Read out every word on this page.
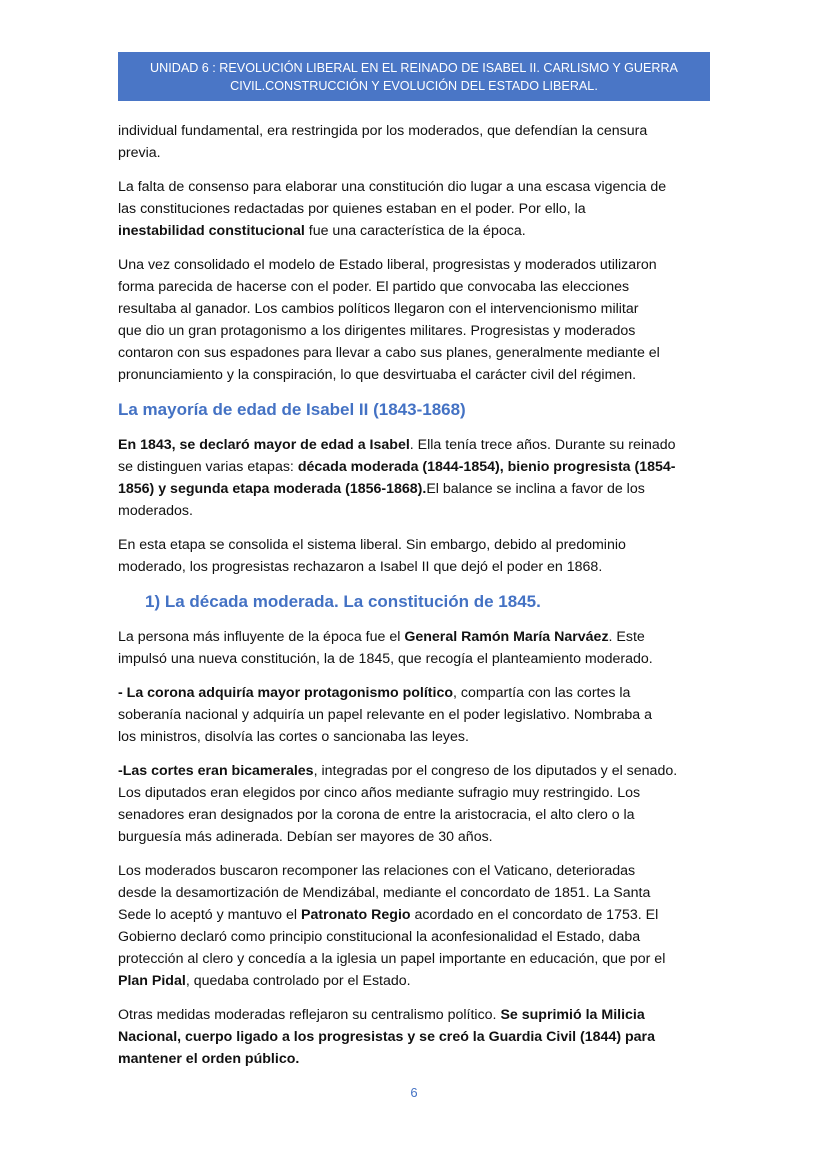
UNIDAD 6 : REVOLUCIÓN LIBERAL EN EL REINADO DE ISABEL II. CARLISMO Y GUERRA
CIVIL.CONSTRUCCIÓN Y EVOLUCIÓN DEL ESTADO LIBERAL.
individual fundamental, era restringida por los moderados, que defendían la censura
previa.
La falta de consenso para elaborar una constitución dio lugar a una escasa vigencia de
las constituciones redactadas por quienes estaban en el poder. Por ello, la
inestabilidad constitucional fue una característica de la época.
Una vez consolidado el modelo de Estado liberal, progresistas y moderados utilizaron
forma parecida de hacerse con el poder. El partido que convocaba las elecciones
resultaba al ganador. Los cambios políticos llegaron con el intervencionismo militar
que dio un gran protagonismo a los dirigentes militares. Progresistas y moderados
contaron con sus espadones para llevar a cabo sus planes, generalmente mediante el
pronunciamiento y la conspiración, lo que desvirtuaba el carácter civil del régimen.
La mayoría de edad de Isabel II (1843-1868)
En 1843, se declaró mayor de edad a Isabel. Ella tenía trece años. Durante su reinado
se distinguen varias etapas: década moderada (1844-1854), bienio progresista (1854-
1856) y segunda etapa moderada (1856-1868).El balance se inclina a favor de los
moderados.
En esta etapa se consolida el sistema liberal. Sin embargo, debido al predominio
moderado, los progresistas rechazaron a Isabel II que dejó el poder en 1868.
1) La década moderada. La constitución de 1845.
La persona más influyente de la época fue el General Ramón María Narváez. Este
impulsó una nueva constitución, la de 1845, que recogía el planteamiento moderado.
- La corona adquiría mayor protagonismo político, compartía con las cortes la
soberanía nacional y adquiría un papel relevante en el poder legislativo. Nombraba a
los ministros, disolvía las cortes o sancionaba las leyes.
-Las cortes eran bicamerales, integradas por el congreso de los diputados y el senado.
Los diputados eran elegidos por cinco años mediante sufragio muy restringido. Los
senadores eran designados por la corona de entre la aristocracia, el alto clero o la
burguesía más adinerada. Debían ser mayores de 30 años.
Los moderados buscaron recomponer las relaciones con el Vaticano, deterioradas
desde la desamortización de Mendizábal, mediante el concordato de 1851. La Santa
Sede lo aceptó y mantuvo el Patronato Regio acordado en el concordato de 1753. El
Gobierno declaró como principio constitucional la aconfesionalidad el Estado, daba
protección al clero y concedía a la iglesia un papel importante en educación, que por el
Plan Pidal, quedaba controlado por el Estado.
Otras medidas moderadas reflejaron su centralismo político. Se suprimió la Milicia
Nacional, cuerpo ligado a los progresistas y se creó la Guardia Civil (1844) para
mantener el orden público.
6
